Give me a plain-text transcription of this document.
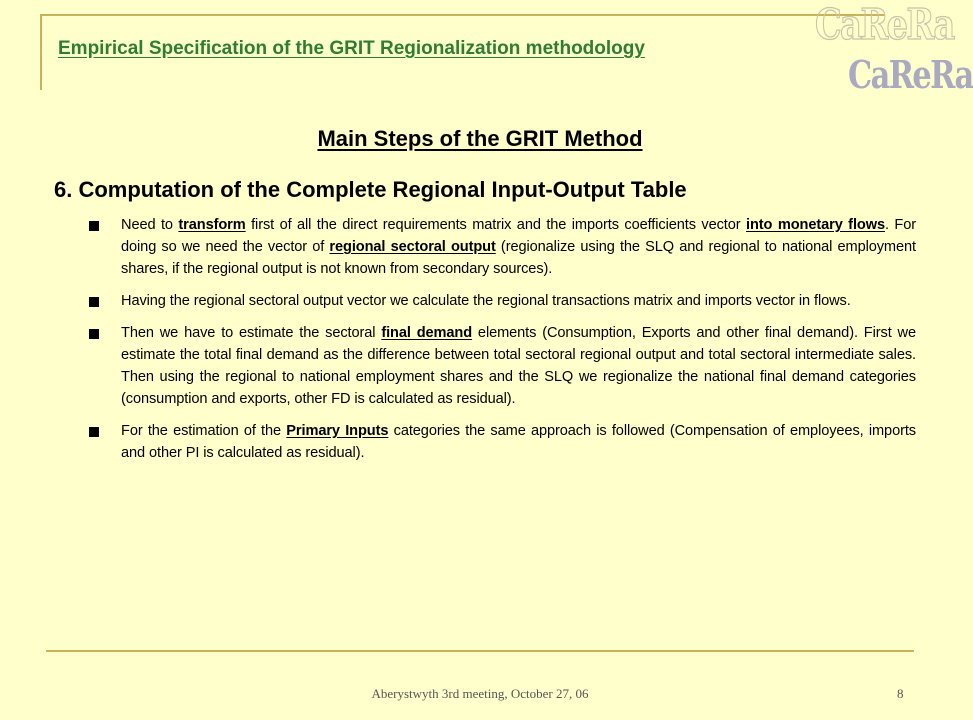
Empirical Specification of the GRIT Regionalization methodology	CaReRa
CaReRa
Main Steps of the GRIT Method
6. Computation of the Complete Regional Input-Output Table
Need to transform first of all the direct requirements matrix and the imports coefficients vector into monetary flows. For doing so we need the vector of regional sectoral output (regionalize using the SLQ and regional to national employment shares, if the regional output is not known from secondary sources).
Having the regional sectoral output vector we calculate the regional transactions matrix and imports vector in flows.
Then we have to estimate the sectoral final demand elements (Consumption, Exports and other final demand). First we estimate the total final demand as the difference between total sectoral regional output and total sectoral intermediate sales. Then using the regional to national employment shares and the SLQ we regionalize the national final demand categories (consumption and exports, other FD is calculated as residual).
For the estimation of the Primary Inputs categories the same approach is followed (Compensation of employees, imports and other PI is calculated as residual).
Aberystwyth 3rd meeting, October 27, 06	8
